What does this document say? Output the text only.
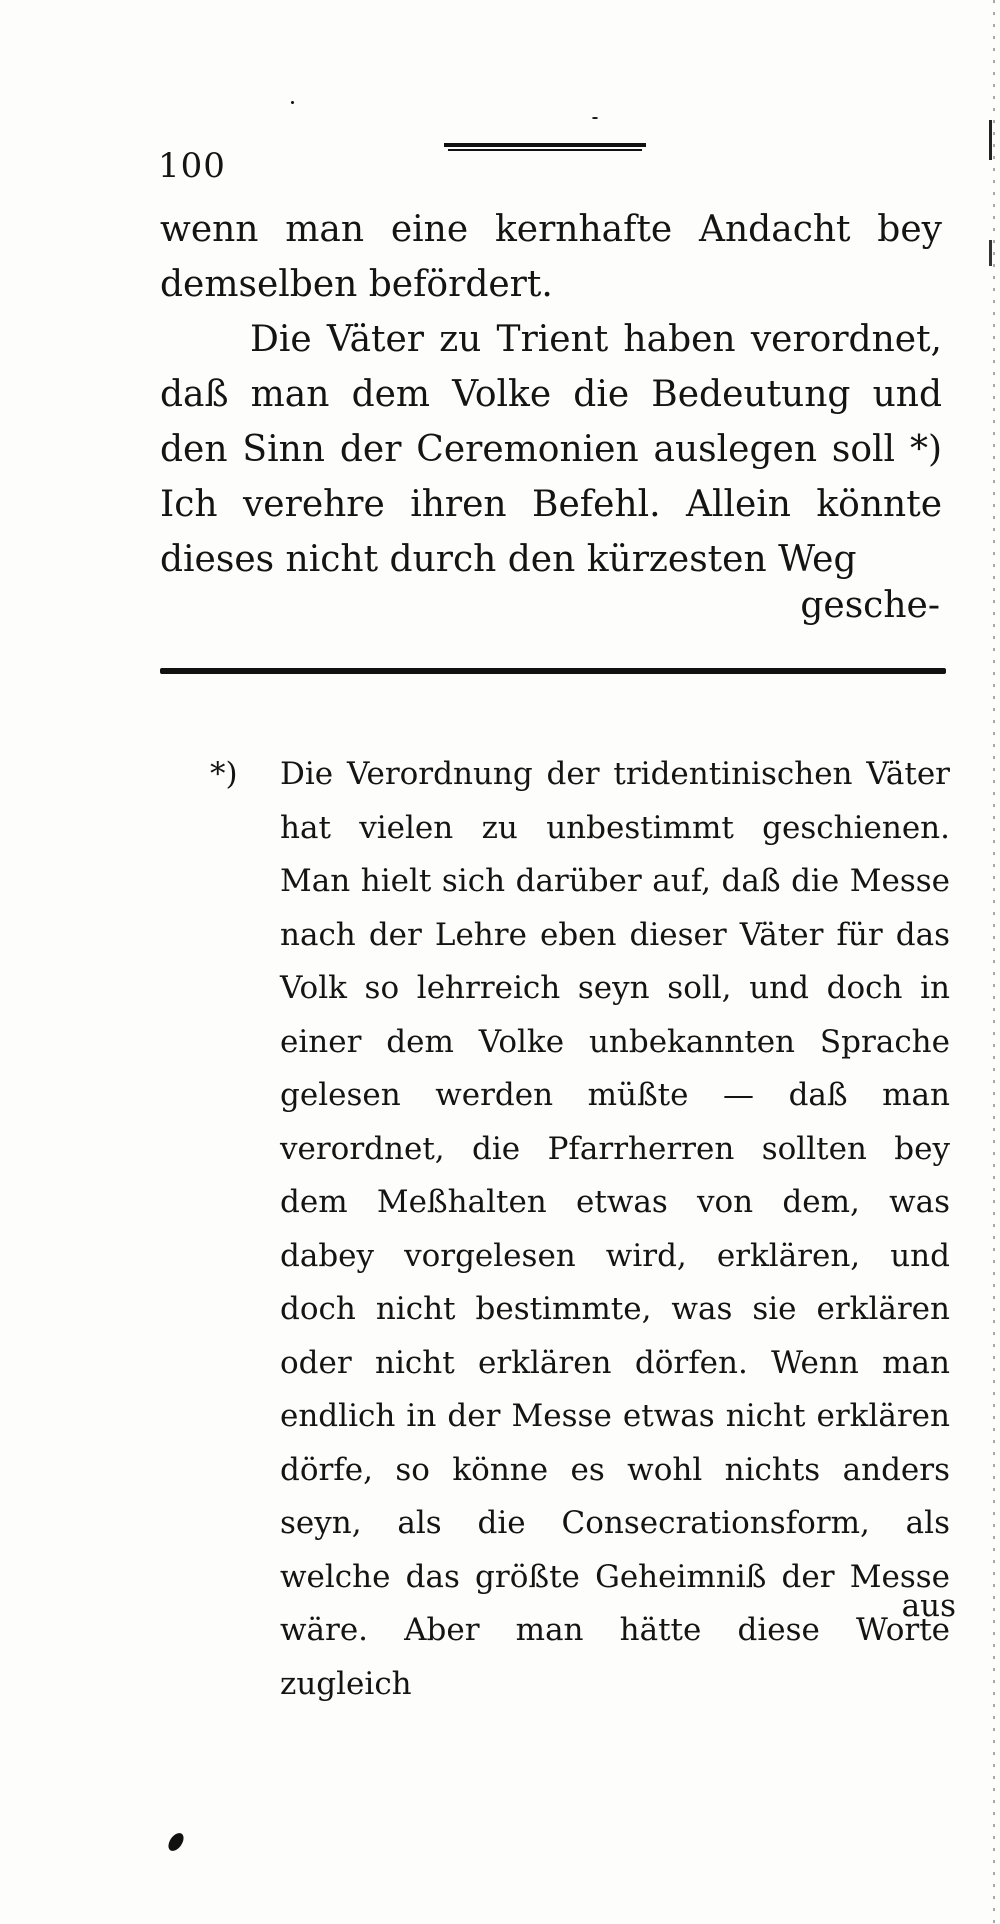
100

wenn man eine kernhafte Andacht bey demselben befördert.

Die Väter zu Trient haben verordnet, daß man dem Volke die Bedeutung und den Sinn der Ceremonien auslegen soll *) Ich verehre ihren Befehl. Allein könnte dieses nicht durch den kürzesten Weg

gesche-
*) Die Verordnung der tridentinischen Väter hat vielen zu unbestimmt geschienen. Man hielt sich darüber auf, daß die Messe nach der Lehre eben dieser Väter für das Volk so lehrreich seyn soll, und doch in einer dem Volke unbekannten Sprache gelesen werden müßte — daß man verordnet, die Pfarrherren sollten bey dem Meßhalten etwas von dem, was dabey vorgelesen wird, erklären, und doch nicht bestimmte, was sie erklären oder nicht erklären dörfen. Wenn man endlich in der Messe etwas nicht erklären dörfe, so könne es wohl nichts anders seyn, als die Consecrationsform, als welche das größte Geheimniß der Messe wäre. Aber man hätte diese Worte zugleich
aus
